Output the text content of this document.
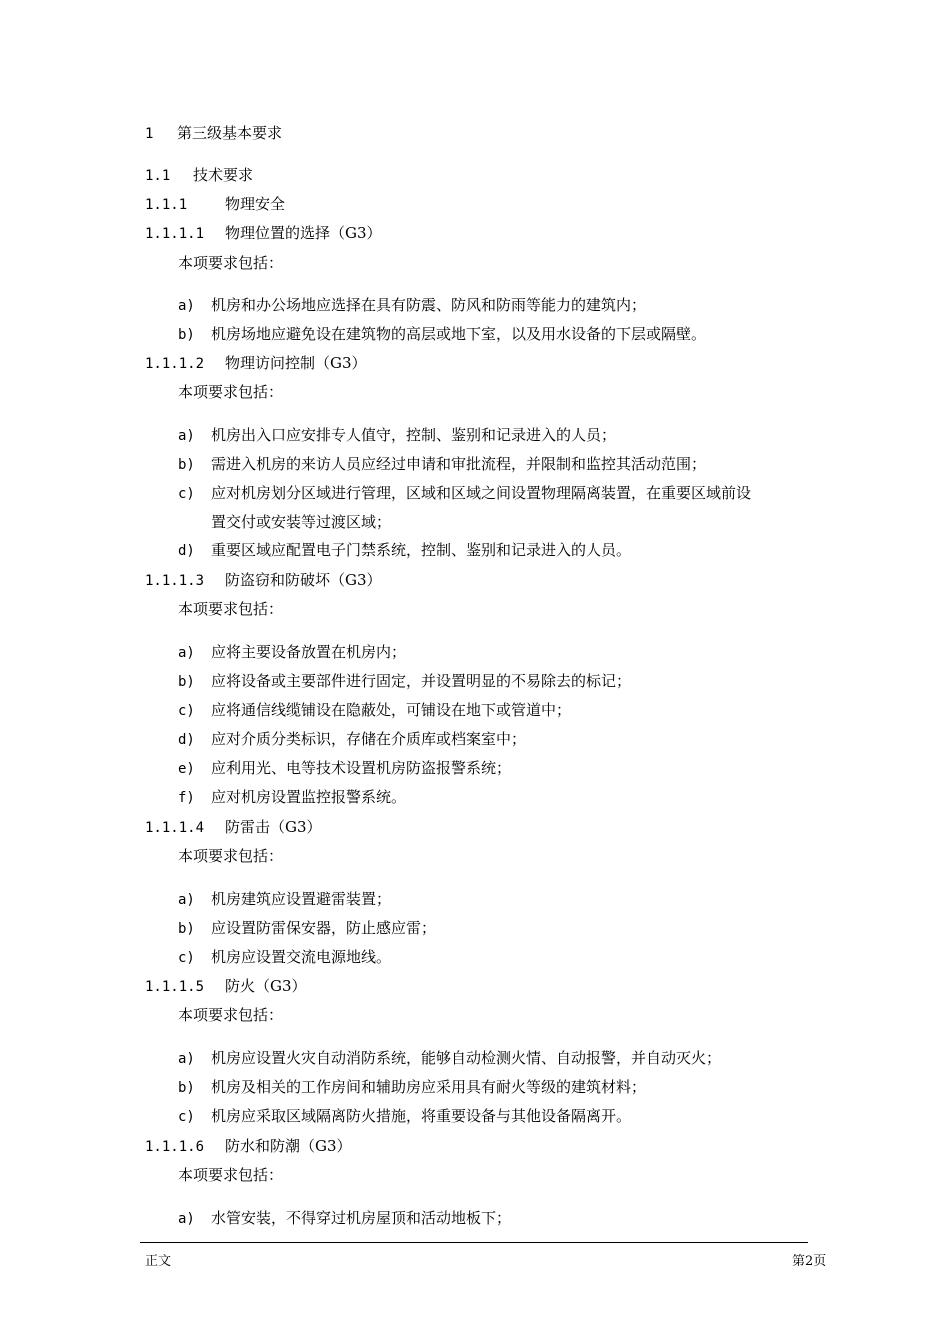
1 第三级基本要求
1.1 技术要求
1.1.1	物理安全
1.1.1.1 物理位置的选择（G3）
本项要求包括：
a) 机房和办公场地应选择在具有防震、防风和防雨等能力的建筑内；
b) 机房场地应避免设在建筑物的高层或地下室，以及用水设备的下层或隔壁。
1.1.1.2 物理访问控制（G3）
本项要求包括：
a) 机房出入口应安排专人值守，控制、鉴别和记录进入的人员；
b) 需进入机房的来访人员应经过申请和审批流程，并限制和监控其活动范围；
c) 应对机房划分区域进行管理，区域和区域之间设置物理隔离装置，在重要区域前设
置交付或安装等过渡区域；
d) 重要区域应配置电子门禁系统，控制、鉴别和记录进入的人员。
1.1.1.3 防盗窃和防破坏（G3）
本项要求包括：
a) 应将主要设备放置在机房内；
b) 应将设备或主要部件进行固定，并设置明显的不易除去的标记；
c) 应将通信线缆铺设在隐蔽处，可铺设在地下或管道中；
d) 应对介质分类标识，存储在介质库或档案室中；
e) 应利用光、电等技术设置机房防盗报警系统；
f) 应对机房设置监控报警系统。
1.1.1.4 防雷击（G3）
本项要求包括：
a) 机房建筑应设置避雷装置；
b) 应设置防雷保安器，防止感应雷；
c) 机房应设置交流电源地线。
1.1.1.5 防火（G3）
本项要求包括：
a) 机房应设置火灾自动消防系统，能够自动检测火情、自动报警，并自动灭火；
b) 机房及相关的工作房间和辅助房应采用具有耐火等级的建筑材料；
c) 机房应采取区域隔离防火措施，将重要设备与其他设备隔离开。
1.1.1.6 防水和防潮（G3）
本项要求包括：
a) 水管安装，不得穿过机房屋顶和活动地板下；
正文	第2页
